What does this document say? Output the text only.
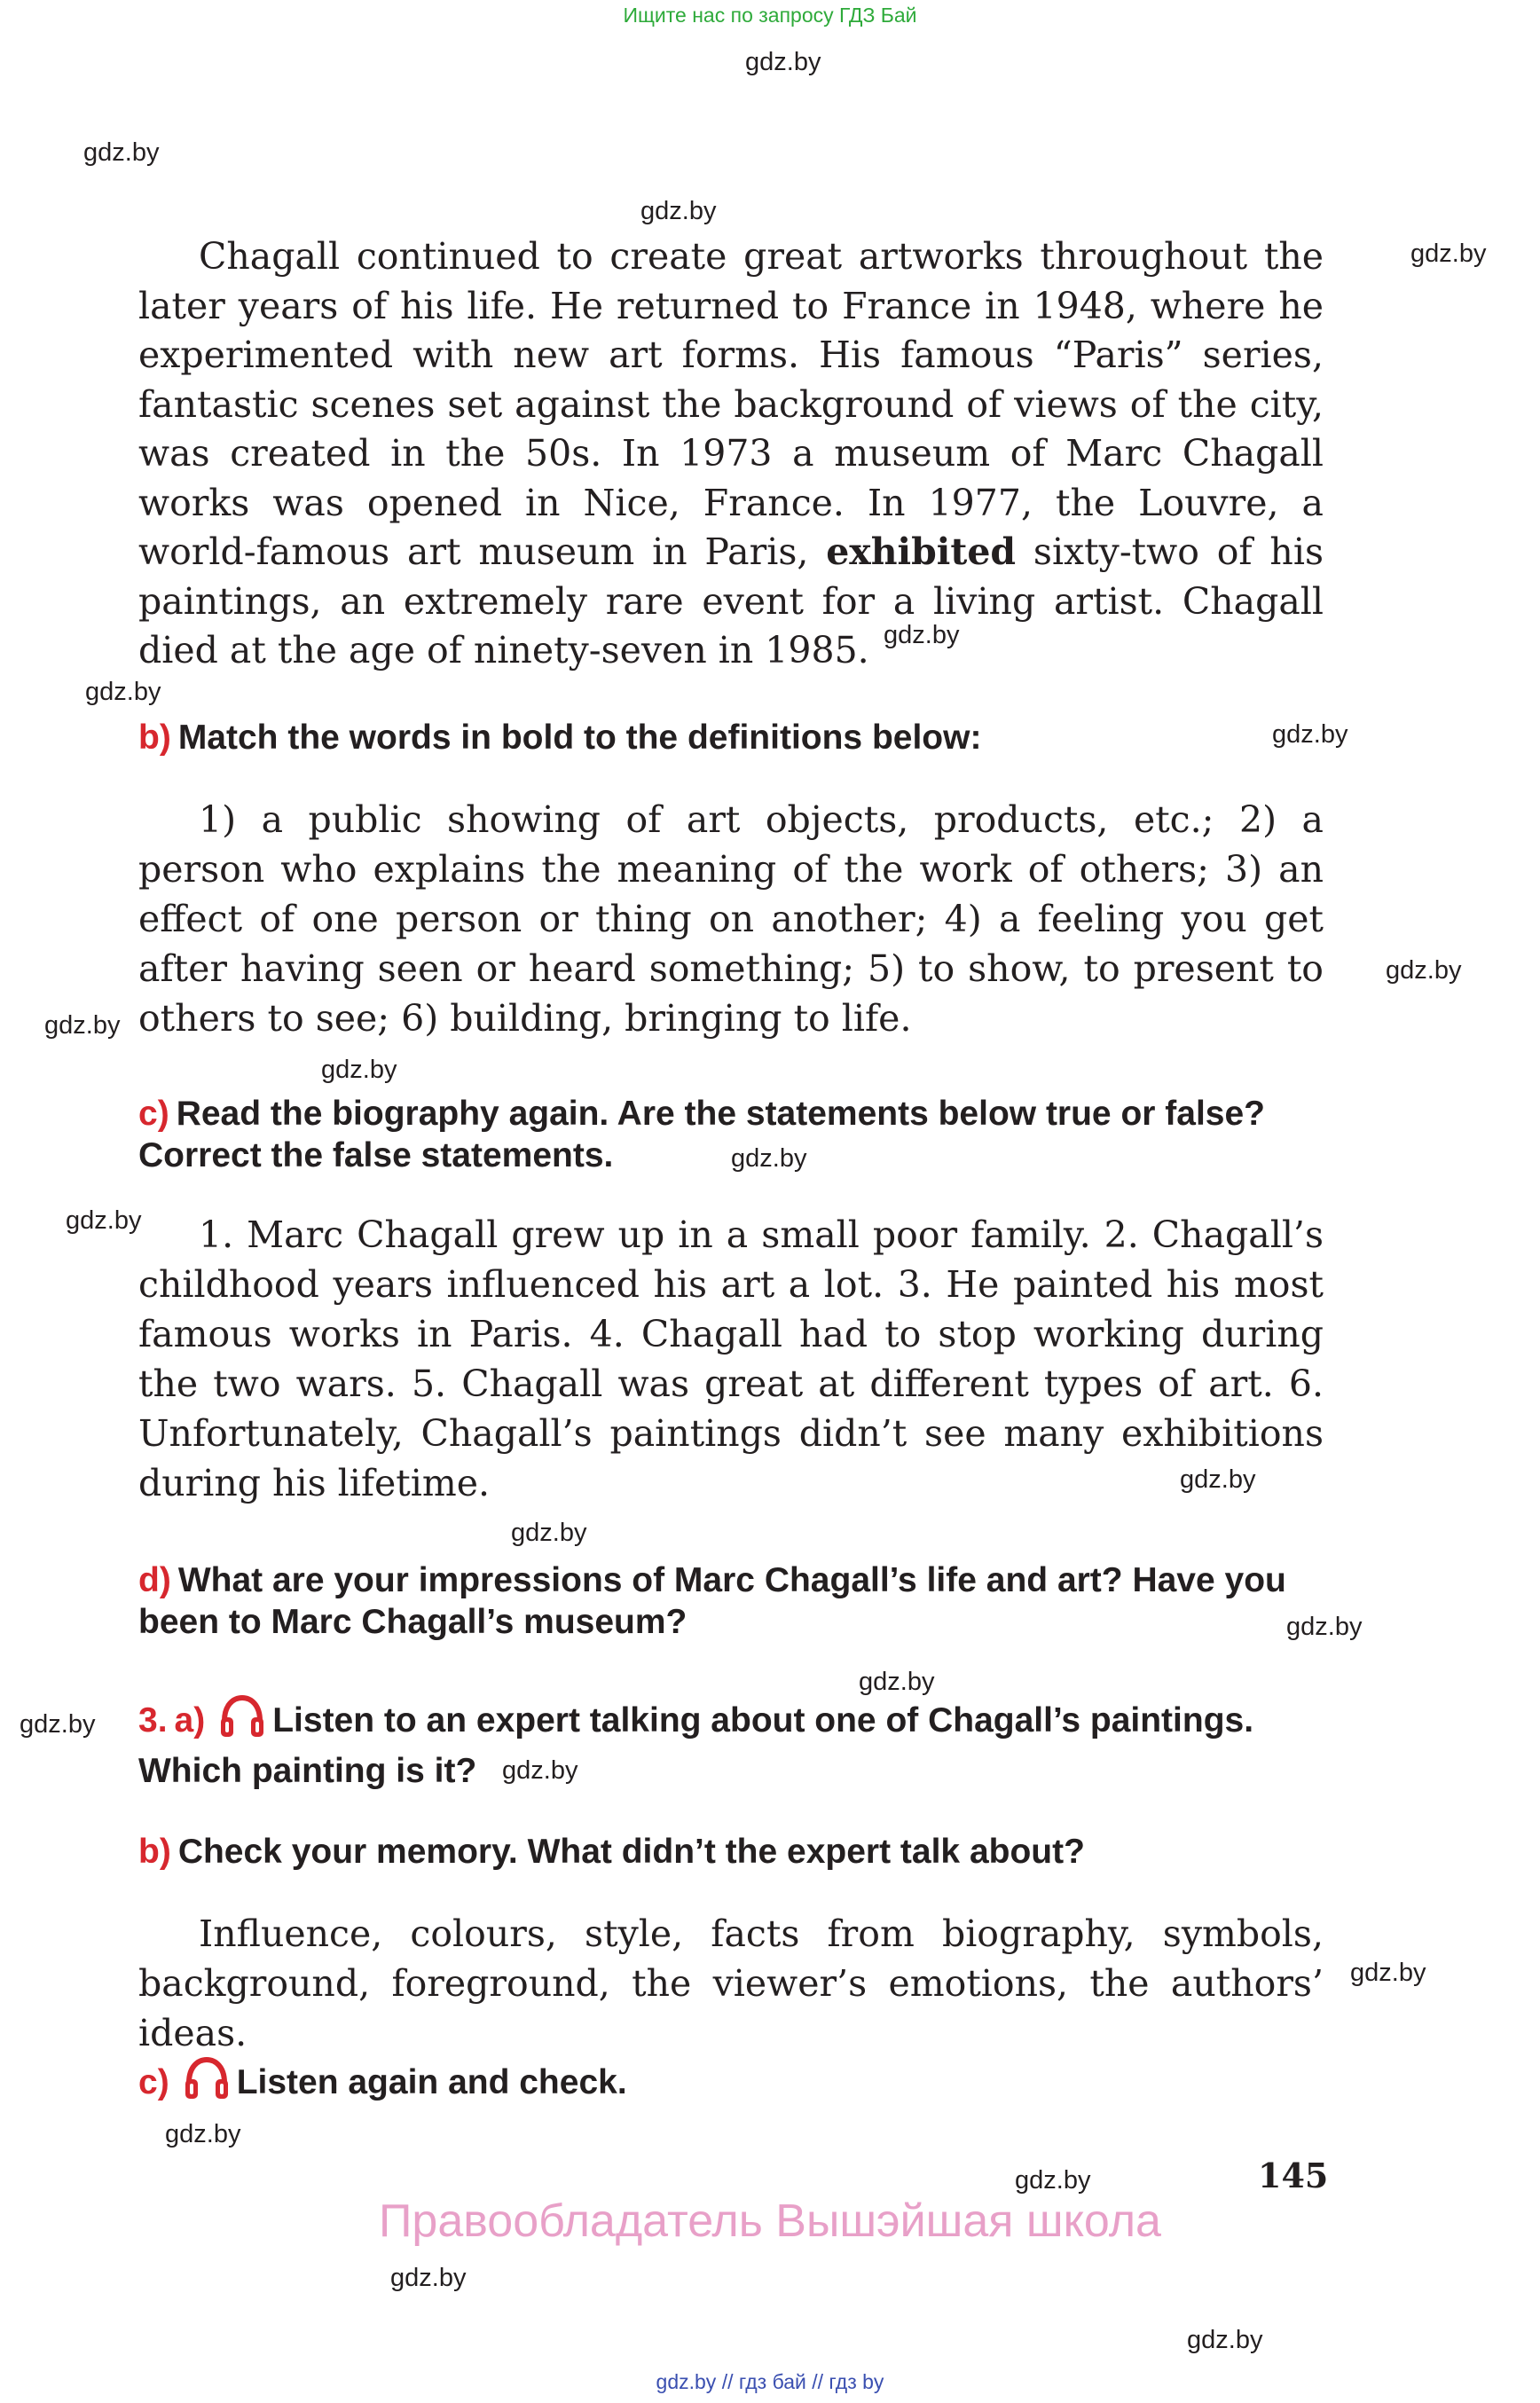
Ищите нас по запросу ГДЗ Бай
gdz.by
gdz.by
gdz.by
gdz.by
gdz.by
gdz.by
gdz.by
gdz.by
gdz.by
gdz.by
gdz.by
gdz.by
gdz.by
gdz.by
gdz.by
gdz.by
gdz.by
gdz.by
gdz.by
gdz.by
gdz.by
gdz.by
gdz.by

Chagall continued to create great artworks throughout the later years of his life. He returned to France in 1948, where he experimented with new art forms. His famous “Paris” series, fantastic scenes set against the background of views of the city, was created in the 50s. In 1973 a museum of Marc Chagall works was opened in Nice, France. In 1977, the Louvre, a world-famous art museum in Paris, exhibited sixty-two of his paintings, an extremely rare event for a living artist. Chagall died at the age of ninety-seven in 1985.

b) Match the words in bold to the definitions below:

1) a public showing of art objects, products, etc.; 2) a person who explains the meaning of the work of others; 3) an effect of one person or thing on another; 4) a feeling you get after having seen or heard something; 5) to show, to present to others to see; 6) building, bringing to life.

c) Read the biography again. Are the statements below true or false? Correct the false statements.

1. Marc Chagall grew up in a small poor family. 2. Chagall’s childhood years influenced his art a lot. 3. He painted his most famous works in Paris. 4. Chagall had to stop working during the two wars. 5. Chagall was great at different types of art. 6. Unfortunately, Chagall’s paintings didn’t see many exhibitions during his lifetime.

d) What are your impressions of Marc Chagall’s life and art? Have you been to Marc Chagall’s museum?
3. a) Listen to an expert talking about one of Chagall’s paintings. Which painting is it?
b) Check your memory. What didn’t the expert talk about?

Influence, colours, style, facts from biography, symbols, background, foreground, the viewer’s emotions, the authors’ ideas.

c) Listen again and check.
145
Правообладатель Вышэйшая школа
gdz.by // гдз бай // гдз by
